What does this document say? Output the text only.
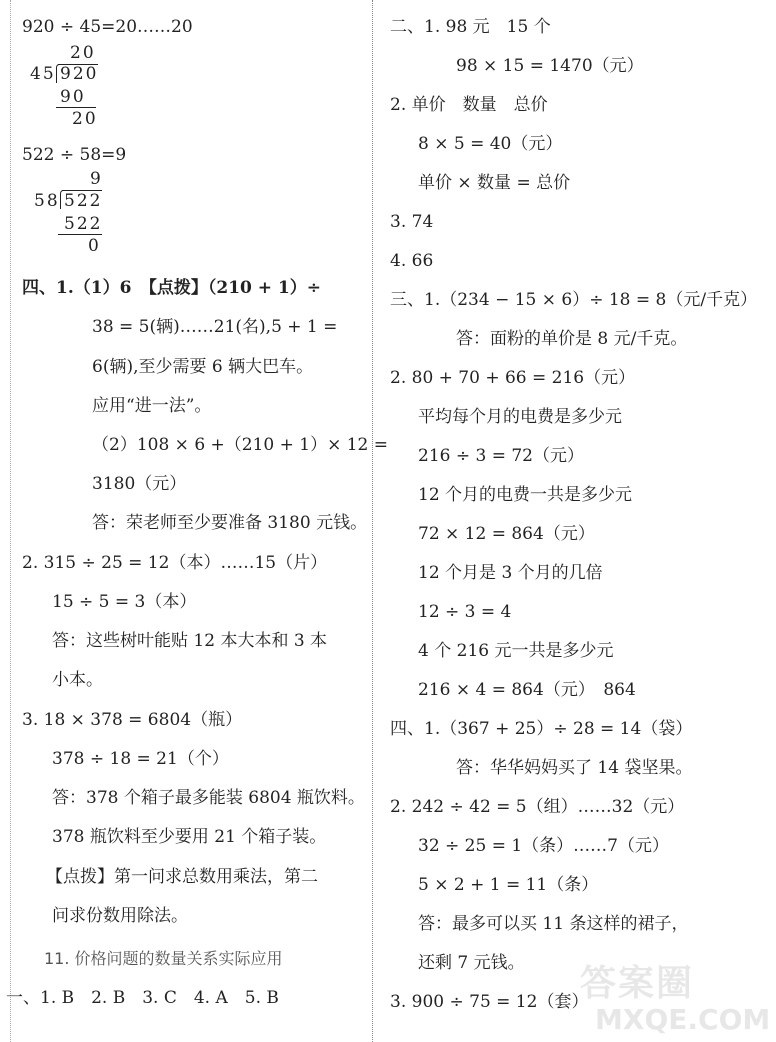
920 ÷ 45=20……20
20
45 920
90
20
522 ÷ 58=9
9
58 522
522
0
四、1.（1）6　【点拨】（210 + 1）÷
38 = 5(辆)……21(名),5 + 1 =
6(辆),至少需要 6 辆大巴车。
应用“进一法”。
（2）108 × 6 +（210 + 1）× 12 =
3180（元）
答：荣老师至少要准备 3180 元钱。
2. 315 ÷ 25 = 12（本）……15（片）
15 ÷ 5 = 3（本）
答：这些树叶能贴 12 本大本和 3 本
小本。
3. 18 × 378 = 6804（瓶）
378 ÷ 18 = 21（个）
答：378 个箱子最多能装 6804 瓶饮料。
378 瓶饮料至少要用 21 个箱子装。
【点拨】第一问求总数用乘法，第二
问求份数用除法。
11. 价格问题的数量关系实际应用
一、1. B　2. B　3. C　4. A　5. B
二、1. 98 元　15 个
98 × 15 = 1470（元）
2. 单价　数量　总价
8 × 5 = 40（元）
单价 × 数量 = 总价
3. 74
4. 66
三、1.（234 − 15 × 6）÷ 18 = 8（元/千克）
答：面粉的单价是 8 元/千克。
2. 80 + 70 + 66 = 216（元）
平均每个月的电费是多少元
216 ÷ 3 = 72（元）
12 个月的电费一共是多少元
72 × 12 = 864（元）
12 个月是 3 个月的几倍
12 ÷ 3 = 4
4 个 216 元一共是多少元
216 × 4 = 864（元）　864
四、1.（367 + 25）÷ 28 = 14（袋）
答：华华妈妈买了 14 袋坚果。
2. 242 ÷ 42 = 5（组）……32（元）
32 ÷ 25 = 1（条）……7（元）
5 × 2 + 1 = 11（条）
答：最多可以买 11 条这样的裙子，
还剩 7 元钱。
3. 900 ÷ 75 = 12（套）
答案圈
MXQE.COM
